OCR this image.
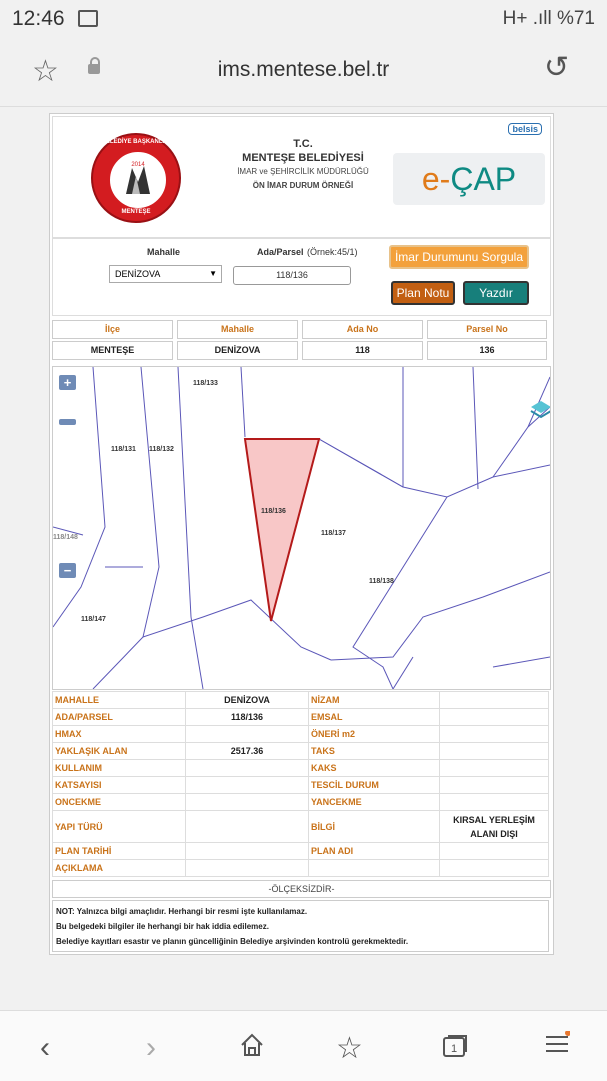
12:46	H+ .ıll %71
☆	ims.mentese.bel.tr	↺
BELEDİYE BAŞKANLIĞI
2014
MENTEŞE
T.C.
MENTEŞE BELEDİYESİ
İMAR ve ŞEHİRCİLİK MÜDÜRLÜĞÜ
ÖN İMAR DURUM ÖRNEĞİ
belsis
e-ÇAP
Mahalle	Ada/Parsel (Örnek:45/1)
DENİZOVA	▼	118/136
İmar Durumunu Sorgula
Plan Notu	Yazdır
İlçe	Mahalle	Ada No	Parsel No
MENTEŞE	DENİZOVA	118	136
118/133
118/131 118/132
118/136
118/137
118/138
118/148
118/147
+
−
MAHALLE	DENİZOVA	NİZAM	
ADA/PARSEL	118/136	EMSAL	
HMAX		ÖNERİ m2	
YAKLAŞIK ALAN	2517.36	TAKS	
KULLANIM		KAKS	
KATSAYISI		TESCİL DURUM	
ONCEKME		YANCEKME	
YAPI TÜRÜ		BİLGİ	KIRSAL YERLEŞİM ALANI DIŞI
PLAN TARİHİ		PLAN ADI	
AÇIKLAMA			
-ÖLÇEKSİZDİR-
NOT: Yalnızca bilgi amaçlıdır. Herhangi bir resmi işte kullanılamaz.
Bu belgedeki bilgiler ile herhangi bir hak iddia edilemez.
Belediye kayıtları esastır ve planın güncelliğinin Belediye arşivinden kontrolü gerekmektedir.
‹	›	☆	1
